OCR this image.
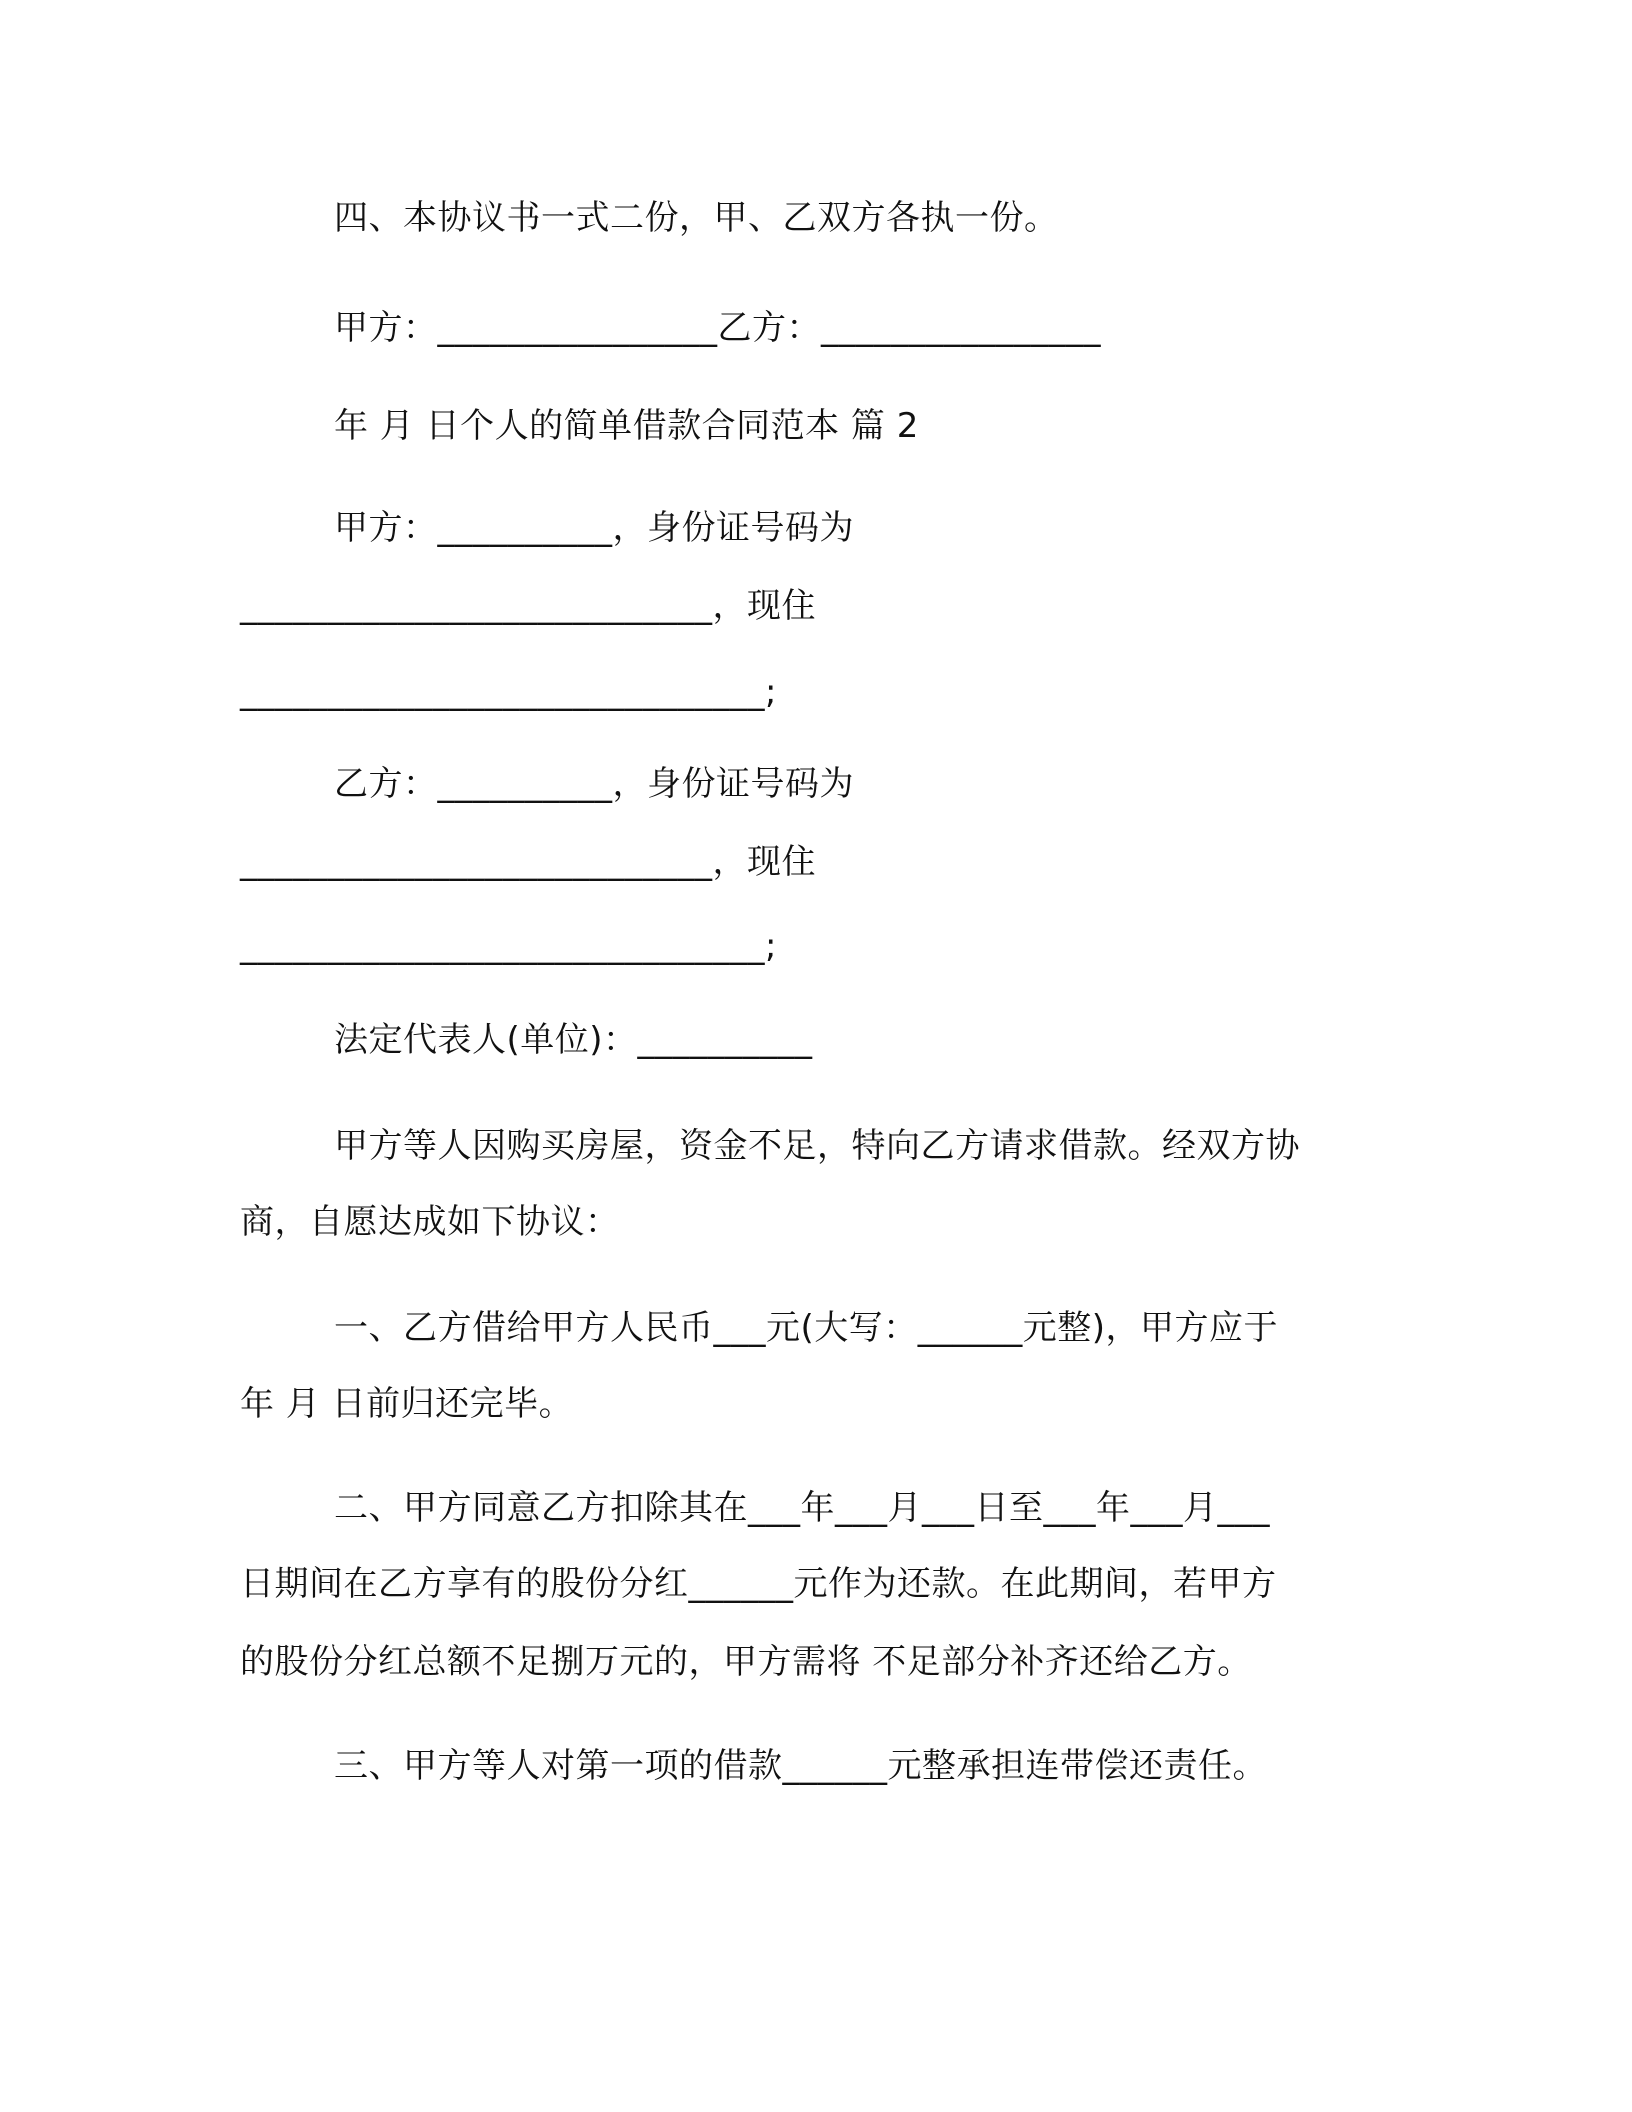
四、本协议书一式二份，甲、乙双方各执一份。
甲方：________________乙方：________________
年 月 日个人的简单借款合同范本 篇 2
甲方：__________，身份证号码为
___________________________，现住
______________________________;
乙方：__________，身份证号码为
___________________________，现住
______________________________;
法定代表人(单位)：__________
甲方等人因购买房屋，资金不足，特向乙方请求借款。经双方协
商，自愿达成如下协议：
一、乙方借给甲方人民币___元(大写：______元整)，甲方应于
年 月 日前归还完毕。
二、甲方同意乙方扣除其在___年___月___日至___年___月___
日期间在乙方享有的股份分红______元作为还款。在此期间，若甲方
的股份分红总额不足捌万元的，甲方需将 不足部分补齐还给乙方。
三、甲方等人对第一项的借款______元整承担连带偿还责任。
